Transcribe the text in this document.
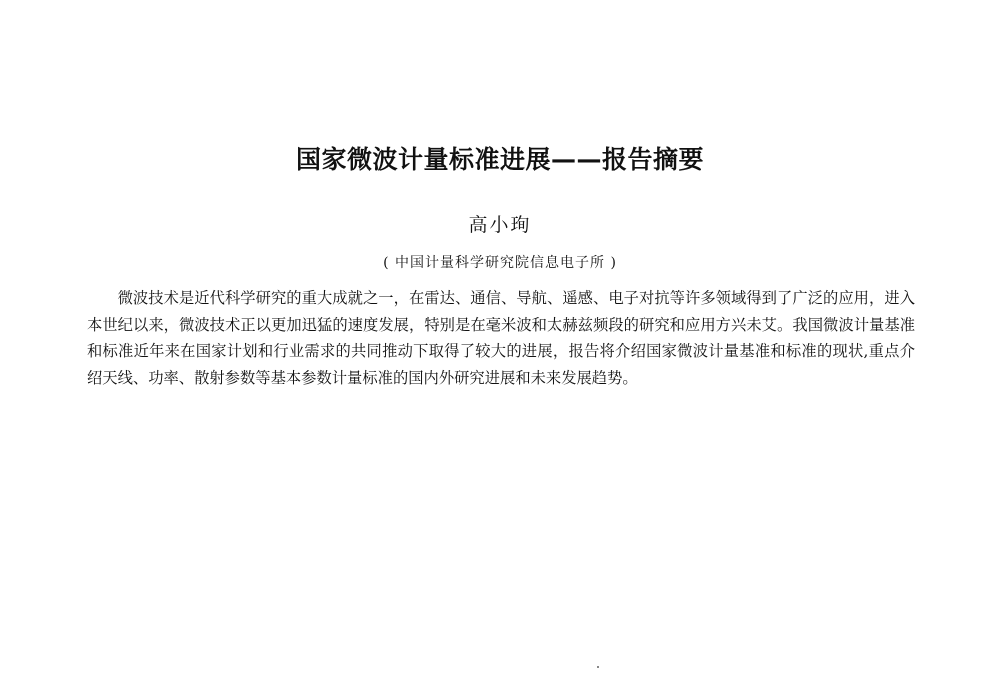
国家微波计量标准进展——报告摘要
高小珣
( 中国计量科学研究院信息电子所 )

微波技术是近代科学研究的重大成就之一，在雷达、通信、导航、遥感、电子对抗等许多领域得到了广泛的应用，进入本世纪以来，微波技术正以更加迅猛的速度发展，特别是在毫米波和太赫兹频段的研究和应用方兴未艾。我国微波计量基准和标准近年来在国家计划和行业需求的共同推动下取得了较大的进展，报告将介绍国家微波计量基准和标准的现状,重点介绍天线、功率、散射参数等基本参数计量标准的国内外研究进展和未来发展趋势。
